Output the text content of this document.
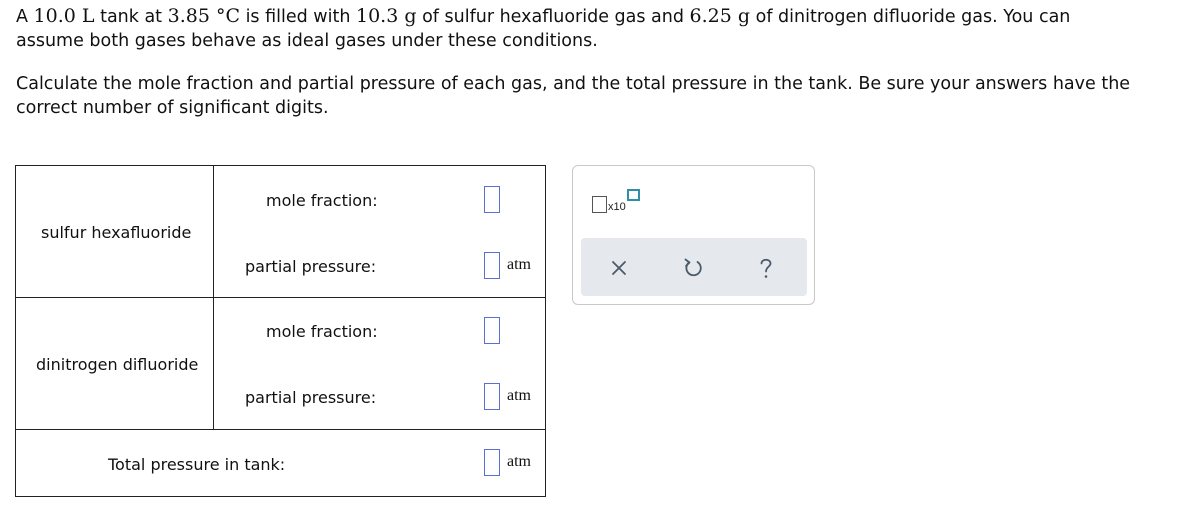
A 10.0 L tank at 3.85 °C is filled with 10.3 g of sulfur hexafluoride gas and 6.25 g of dinitrogen difluoride gas. You can
assume both gases behave as ideal gases under these conditions.

Calculate the mole fraction and partial pressure of each gas, and the total pressure in the tank. Be sure your answers have the
correct number of significant digits.

sulfur hexafluoride
mole fraction:
partial pressure:	atm
dinitrogen difluoride
mole fraction:
partial pressure:	atm
Total pressure in tank:	atm
x10
